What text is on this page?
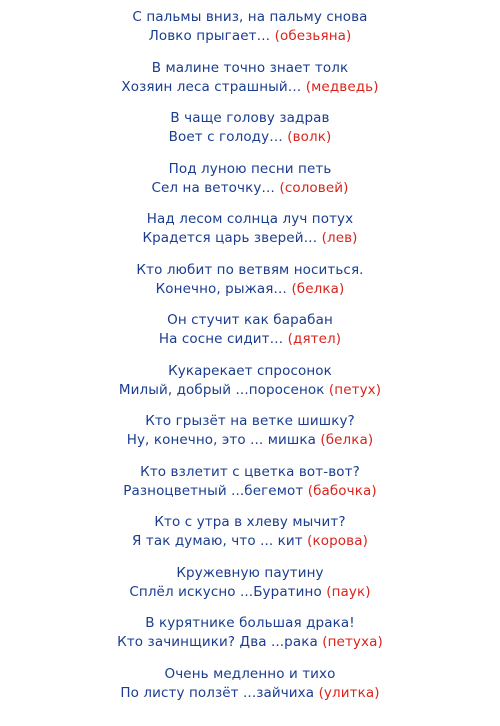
С пальмы вниз, на пальму снова
Ловко прыгает… (обезьяна)
В малине точно знает толк
Хозяин леса страшный… (медведь)
В чаще голову задрав
Воет с голоду… (волк)
Под луною песни петь
Сел на веточку… (соловей)
Над лесом солнца луч потух
Крадется царь зверей… (лев)
Кто любит по ветвям носиться.
Конечно, рыжая… (белка)
Он стучит как барабан
На сосне сидит… (дятел)
Кукарекает спросонок
Милый, добрый ...поросенок (петух)
Кто грызёт на ветке шишку?
Ну, конечно, это ... мишка (белка)
Кто взлетит с цветка вот-вот?
Разноцветный ...бегемот (бабочка)
Кто с утра в хлеву мычит?
Я так думаю, что ... кит (корова)
Кружевную паутину
Сплёл искусно ...Буратино (паук)
В курятнике большая драка!
Кто зачинщики? Два ...рака (петуха)
Очень медленно и тихо
По листу ползёт ...зайчиха (улитка)
